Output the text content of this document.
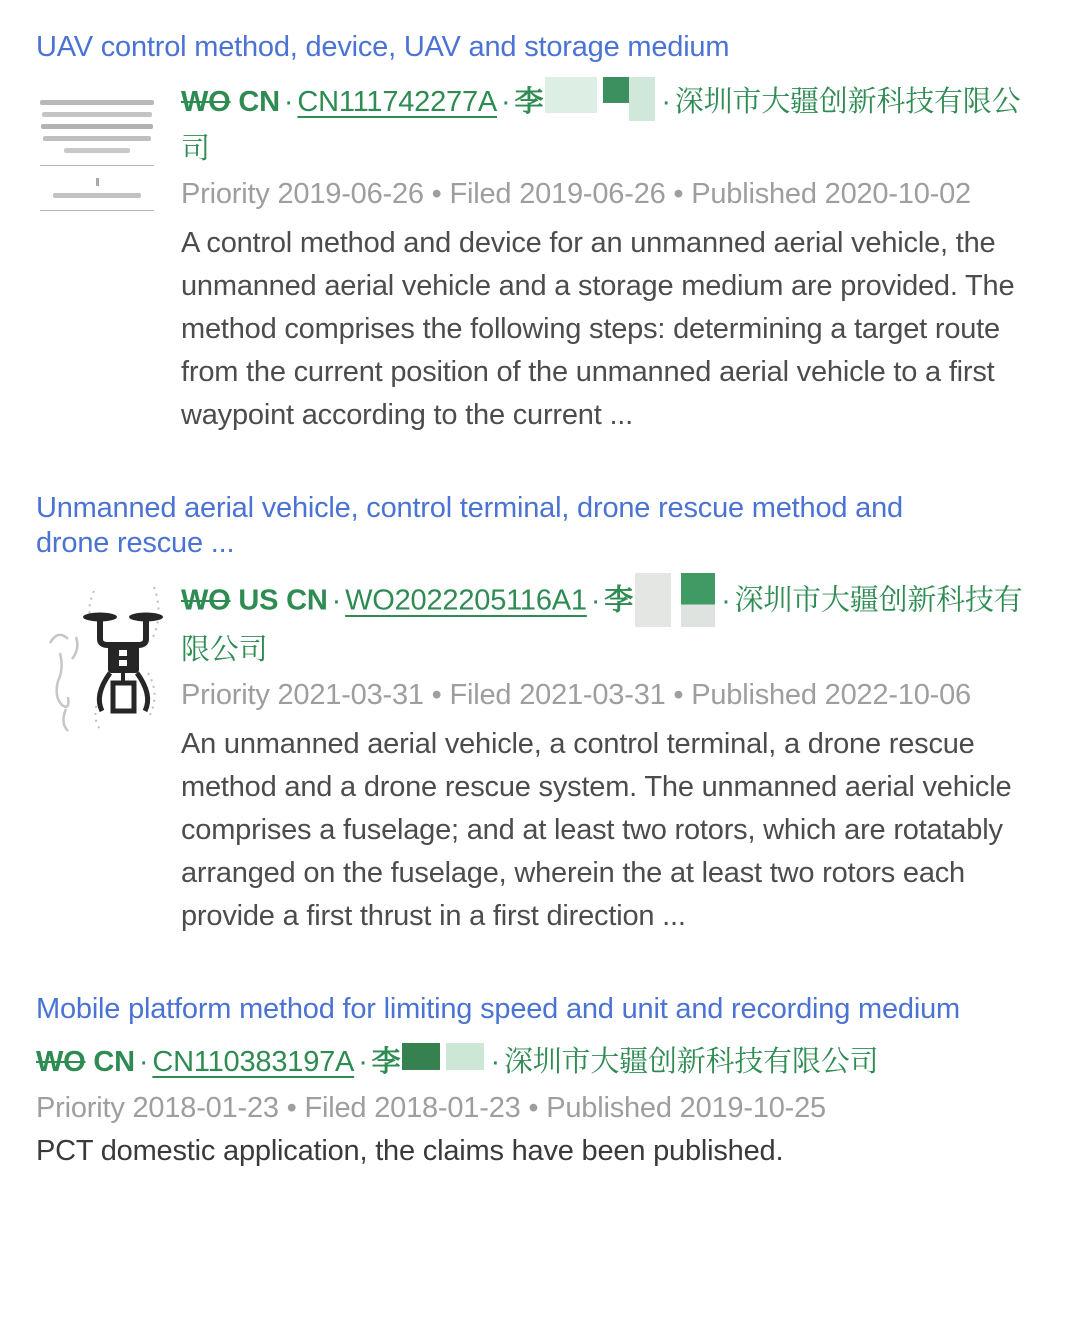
UAV control method, device, UAV and storage medium
WO CN · CN111742277A · 李	· 深圳市大疆创新科技有限公司
Priority 2019-06-26 • Filed 2019-06-26 • Published 2020-10-02
A control method and device for an unmanned aerial vehicle, the unmanned aerial vehicle and a storage medium are provided. The method comprises the following steps: determining a target route from the current position of the unmanned aerial vehicle to a first waypoint according to the current ...
Unmanned aerial vehicle, control terminal, drone rescue method and drone rescue ...
WO US CN · WO2022205116A1 · 李	· 深圳市大疆创新科技有限公司
Priority 2021-03-31 • Filed 2021-03-31 • Published 2022-10-06
An unmanned aerial vehicle, a control terminal, a drone rescue method and a drone rescue system. The unmanned aerial vehicle comprises a fuselage; and at least two rotors, which are rotatably arranged on the fuselage, wherein the at least two rotors each provide a first thrust in a first direction ...
Mobile platform method for limiting speed and unit and recording medium
WO CN · CN110383197A · 李	· 深圳市大疆创新科技有限公司
Priority 2018-01-23 • Filed 2018-01-23 • Published 2019-10-25
PCT domestic application, the claims have been published.
